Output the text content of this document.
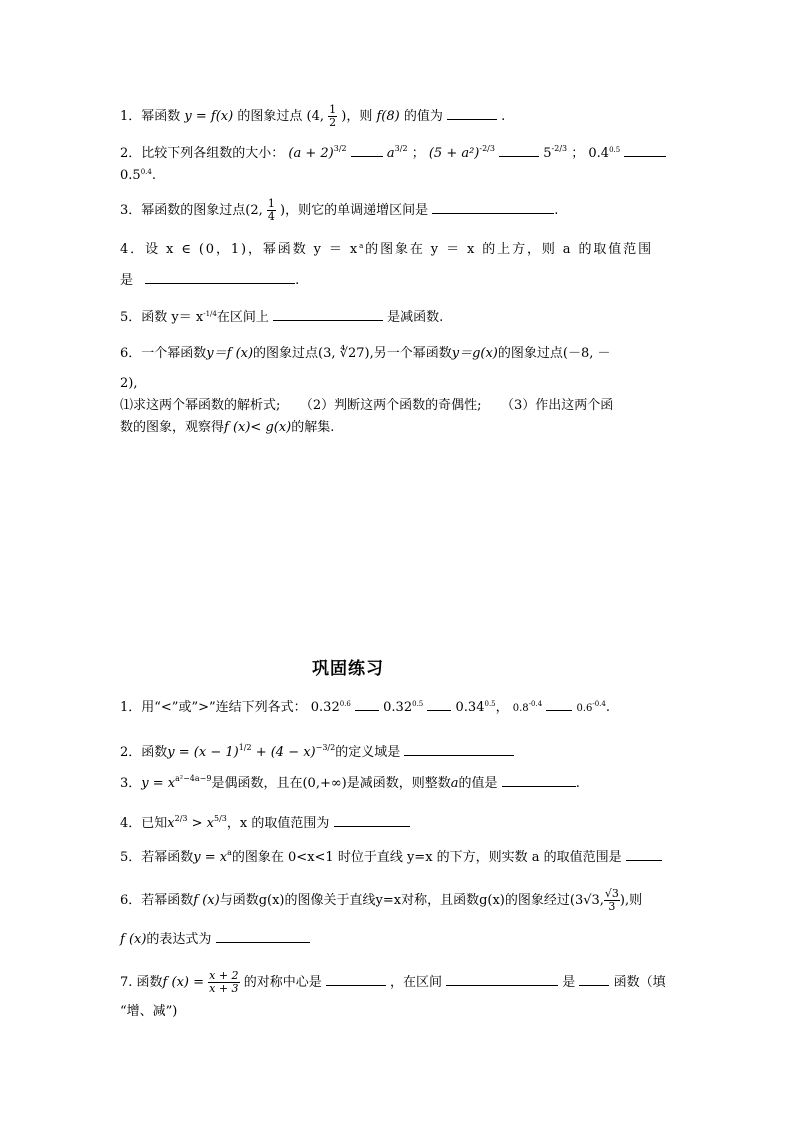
1．幂函数 y = f(x) 的图象过点 (4, $\frac{1}{2}$ )，则 f(8) 的值为	.
2．比较下列各组数的大小： $(a + 2)^{3/2}$	$a^{3/2}$ ； $(5 + a^2)^{-2/3}$	$5^{-2/3}$ ； $0.4^{0.5}$
$0.5^{0.4}$.
3．幂函数的图象过点(2, $\frac{1}{4}$ )，则它的单调递增区间是	.
4．设 x ∈ (0，1)，幂函数 $y = x^a$的图象在 y ＝ x 的上方，则 a 的取值范围
是	.
5．函数 $y= x^{-1/4}$在区间上	是减函数.
6．一个幂函数y＝f (x)的图象过点(3, ∜27),另一个幂函数y＝g(x)的图象过点(－8, －
2),
⑴求这两个幂函数的解析式;　　（2）判断这两个函数的奇偶性;　　（3）作出这两个函
数的图象，观察得f (x)< g(x)的解集.
巩固练习
1．用“<”或”>”连结下列各式： $0.32^{0.6}$ $0.32^{0.5}$ $0.34^{0.5}$， $0.8^{-0.4}$	$0.6^{-0.4}$.
2．函数$y = (x - 1)^{1/2} + (4 - x)^{-3/2}$的定义域是
3．$y = x^{a^2-4a-9}$是偶函数，且在(0,+∞)是减函数，则整数a的值是	.
4．已知$x^{2/3} > x^{5/3}$，x 的取值范围为
5．若幂函数$y = x^a$的图象在 0<x<1 时位于直线 y=x 的下方，则实数 a 的取值范围是
6．若幂函数f (x)与函数g(x)的图像关于直线y=x对称，且函数g(x)的图象经过(3√3, $\frac{√3}{3}$ ),则
f (x)的表达式为
7. 函数f $(x) = \frac{x + 2}{x + 3}$ 的对称中心是	，在区间	是	函数（填
“增、减”)
